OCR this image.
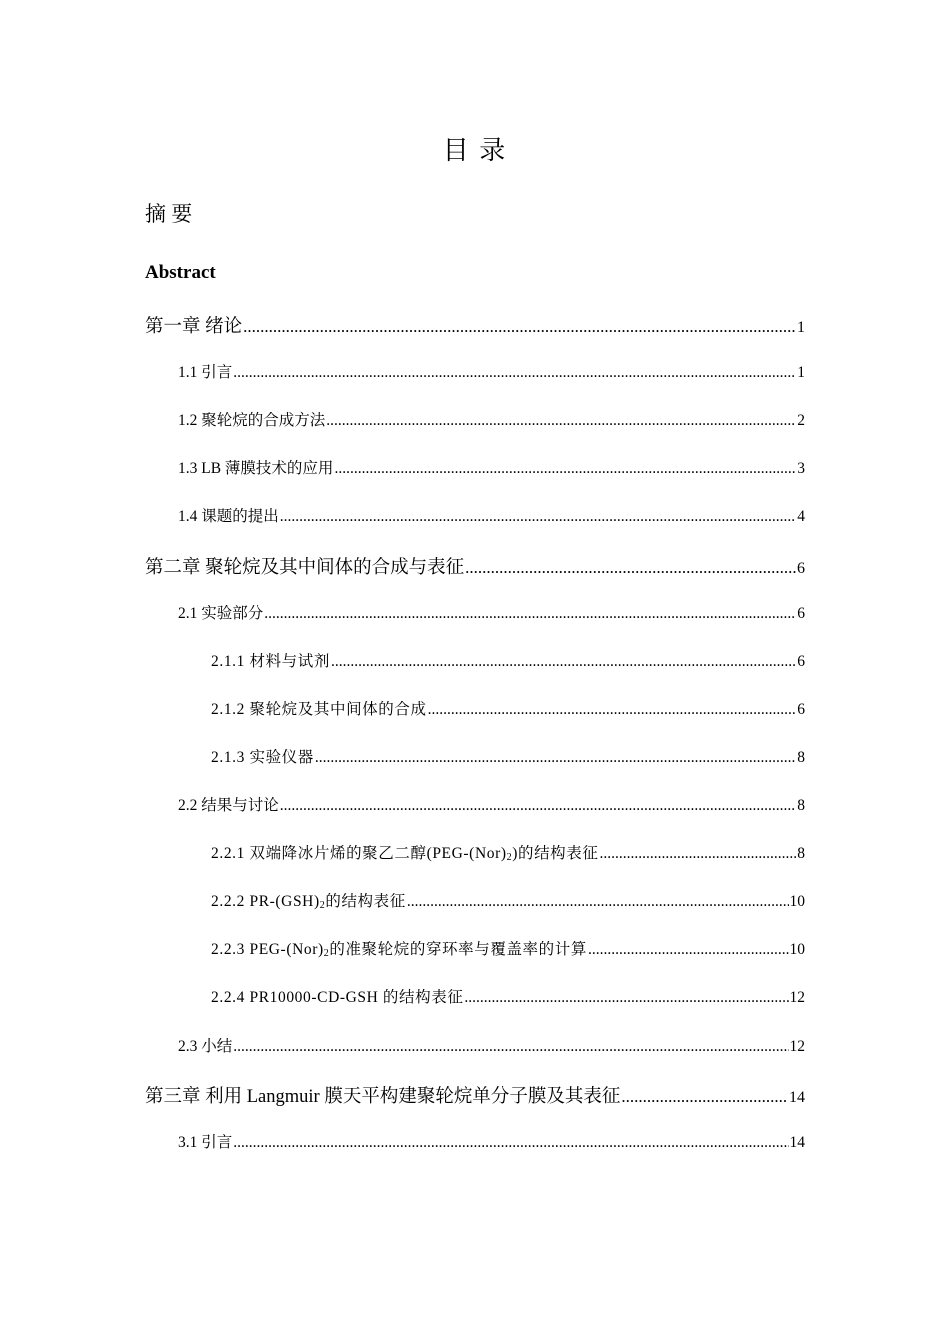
目 录
摘 要
Abstract
第一章 绪论 .....	1
1.1 引言 .....	1
1.2 聚轮烷的合成方法 .....	2
1.3 LB 薄膜技术的应用 .....	3
1.4 课题的提出 .....	4
第二章 聚轮烷及其中间体的合成与表征 .....	6
2.1 实验部分 .....	6
2.1.1 材料与试剂 .....	6
2.1.2 聚轮烷及其中间体的合成 .....	6
2.1.3 实验仪器 .....	8
2.2 结果与讨论 .....	8
2.2.1 双端降冰片烯的聚乙二醇$(PEG-(Nor)_2)$的结构表征 .....	8
2.2.2 $PR-(GSH)_2$的结构表征 .....	10
2.2.3 PEG-$(Nor)_2$的准聚轮烷的穿环率与覆盖率的计算 .....	10
2.2.4 PR10000-CD-GSH 的结构表征 .....	12
2.3 小结 .....	12
第三章 利用 Langmuir 膜天平构建聚轮烷单分子膜及其表征 .....	14
3.1 引言 .....	14
